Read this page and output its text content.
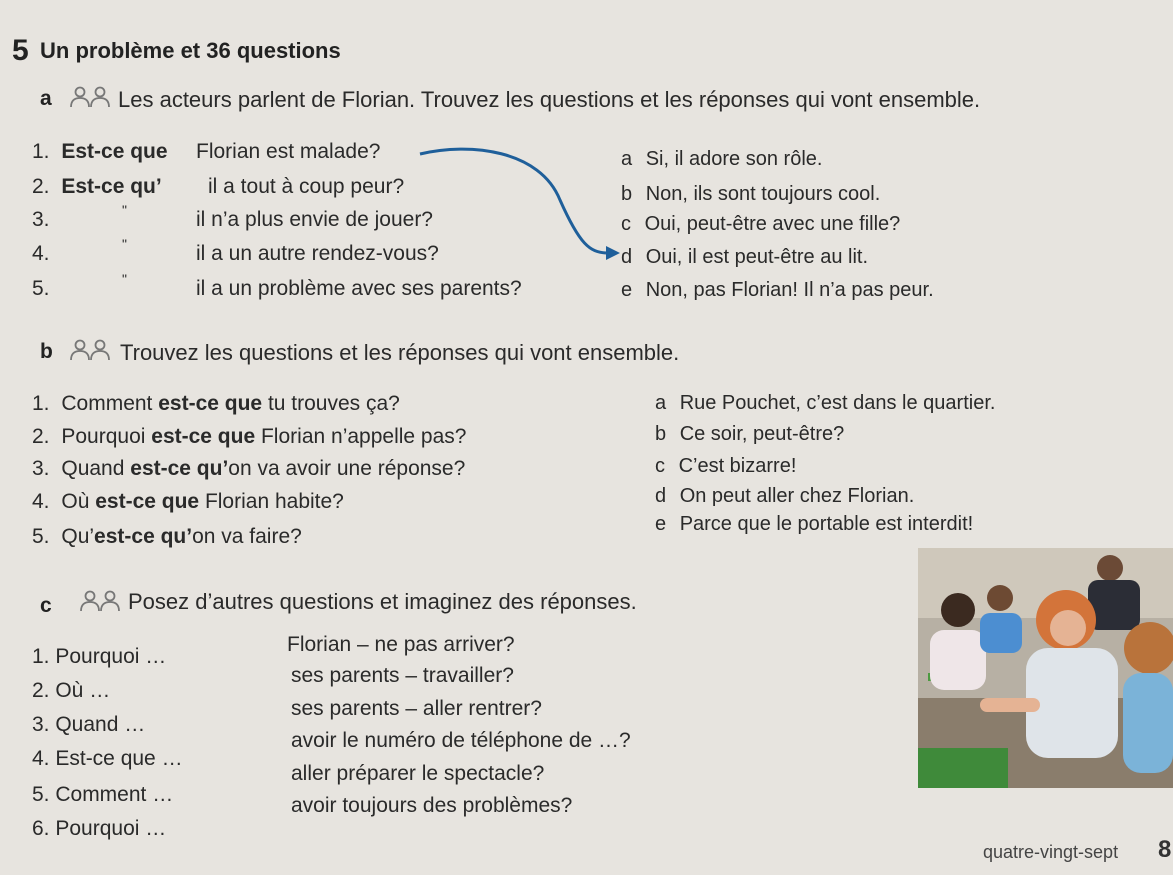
5 Un problème et 36 questions
a	Les acteurs parlent de Florian. Trouvez les questions et les réponses qui vont ensemble.
1. Est-ce que Florian est malade?
2. Est-ce qu’ il a tout à coup peur?
3.	"	il n’a plus envie de jouer?
4.	"	il a un autre rendez-vous?
5.	"	il a un problème avec ses parents?
a Si, il adore son rôle.
b Non, ils sont toujours cool.
c Oui, peut-être avec une fille?
d Oui, il est peut-être au lit.
e Non, pas Florian! Il n’a pas peur.
b	Trouvez les questions et les réponses qui vont ensemble.
1. Comment est-ce que tu trouves ça?
2. Pourquoi est-ce que Florian n’appelle pas?
3. Quand est-ce qu’on va avoir une réponse?
4. Où est-ce que Florian habite?
5. Qu’est-ce qu’on va faire?
a Rue Pouchet, c’est dans le quartier.
b Ce soir, peut-être?
c C’est bizarre!
d On peut aller chez Florian.
e Parce que le portable est interdit!
c	Posez d’autres questions et imaginez des réponses.
1. Pourquoi …
Florian – ne pas arriver?
2. Où …
ses parents – travailler?
3. Quand …
ses parents – aller rentrer?
4. Est-ce que …
avoir le numéro de téléphone de …?
5. Comment …
aller préparer le spectacle?
6. Pourquoi …
avoir toujours des problèmes?
quatre-vingt-sept 8
